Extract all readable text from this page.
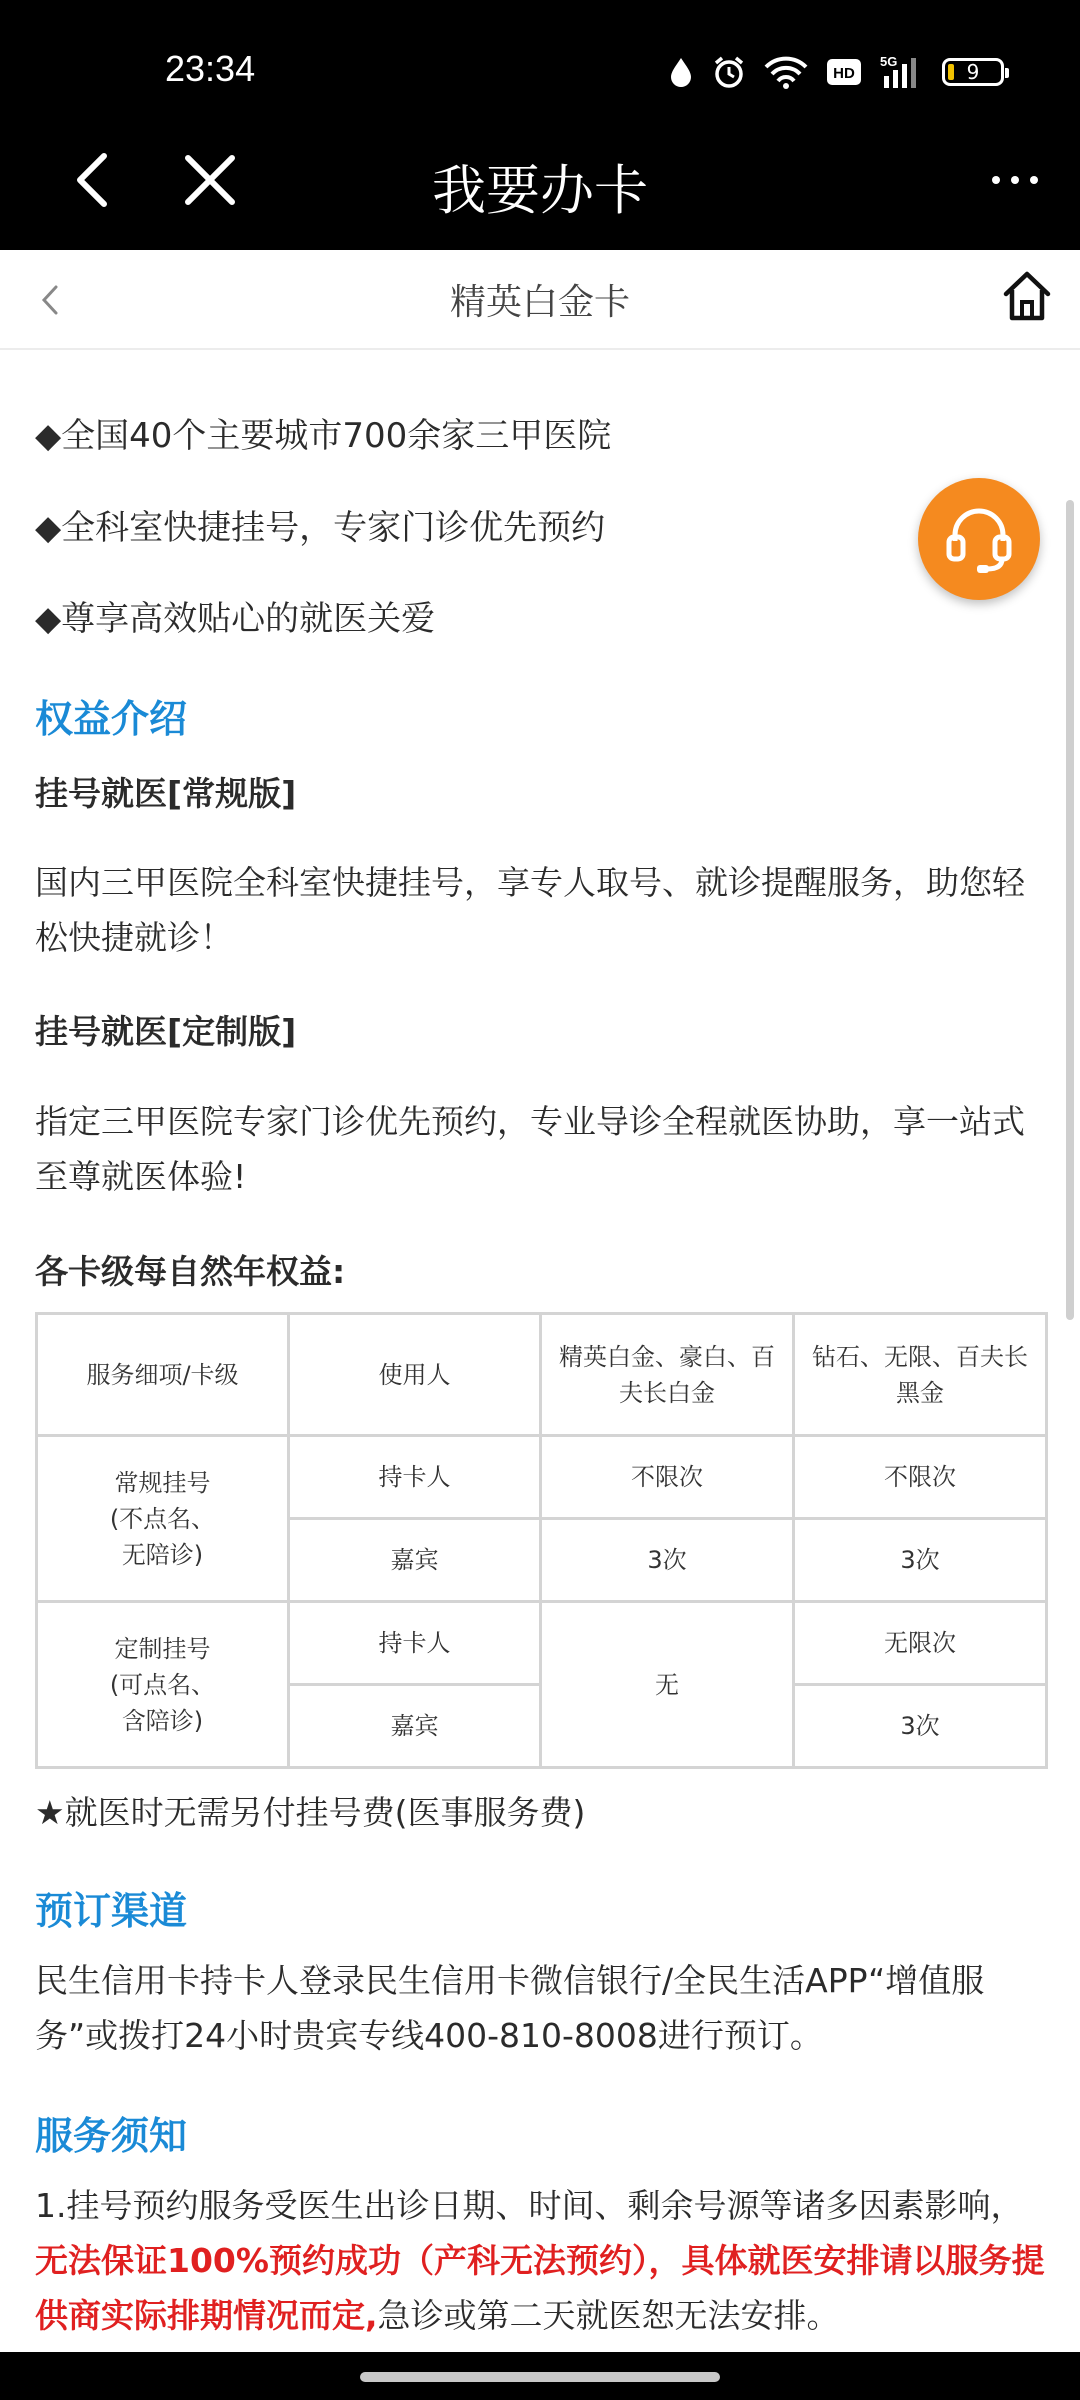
23:34	HD
5G	9
我要办卡
精英白金卡
◆全国40个主要城市700余家三甲医院
◆全科室快捷挂号，专家门诊优先预约
◆尊享高效贴心的就医关爱
权益介绍
挂号就医[常规版]
国内三甲医院全科室快捷挂号，享专人取号、就诊提醒服务，助您轻松快捷就诊！
挂号就医[定制版]
指定三甲医院专家门诊优先预约，专业导诊全程就医协助，享一站式至尊就医体验!
各卡级每自然年权益:
★就医时无需另付挂号费(医事服务费)
预订渠道
民生信用卡持卡人登录民生信用卡微信银行/全民生活APP“增值服务”或拨打24小时贵宾专线400-810-8008进行预订。
服务须知
1.挂号预约服务受医生出诊日期、时间、剩余号源等诸多因素影响，无法保证100%预约成功（产科无法预约），具体就医安排请以服务提供商实际排期情况而定,急诊或第二天就医恕无法安排。
服务细项/卡级	使用人	精英白金、豪白、百夫长白金	钻石、无限、百夫长黑金
常规挂号
(不点名、
无陪诊)	持卡人	不限次	不限次
	嘉宾	3次	3次
定制挂号
(可点名、
含陪诊)	持卡人	无	无限次
	嘉宾		3次
